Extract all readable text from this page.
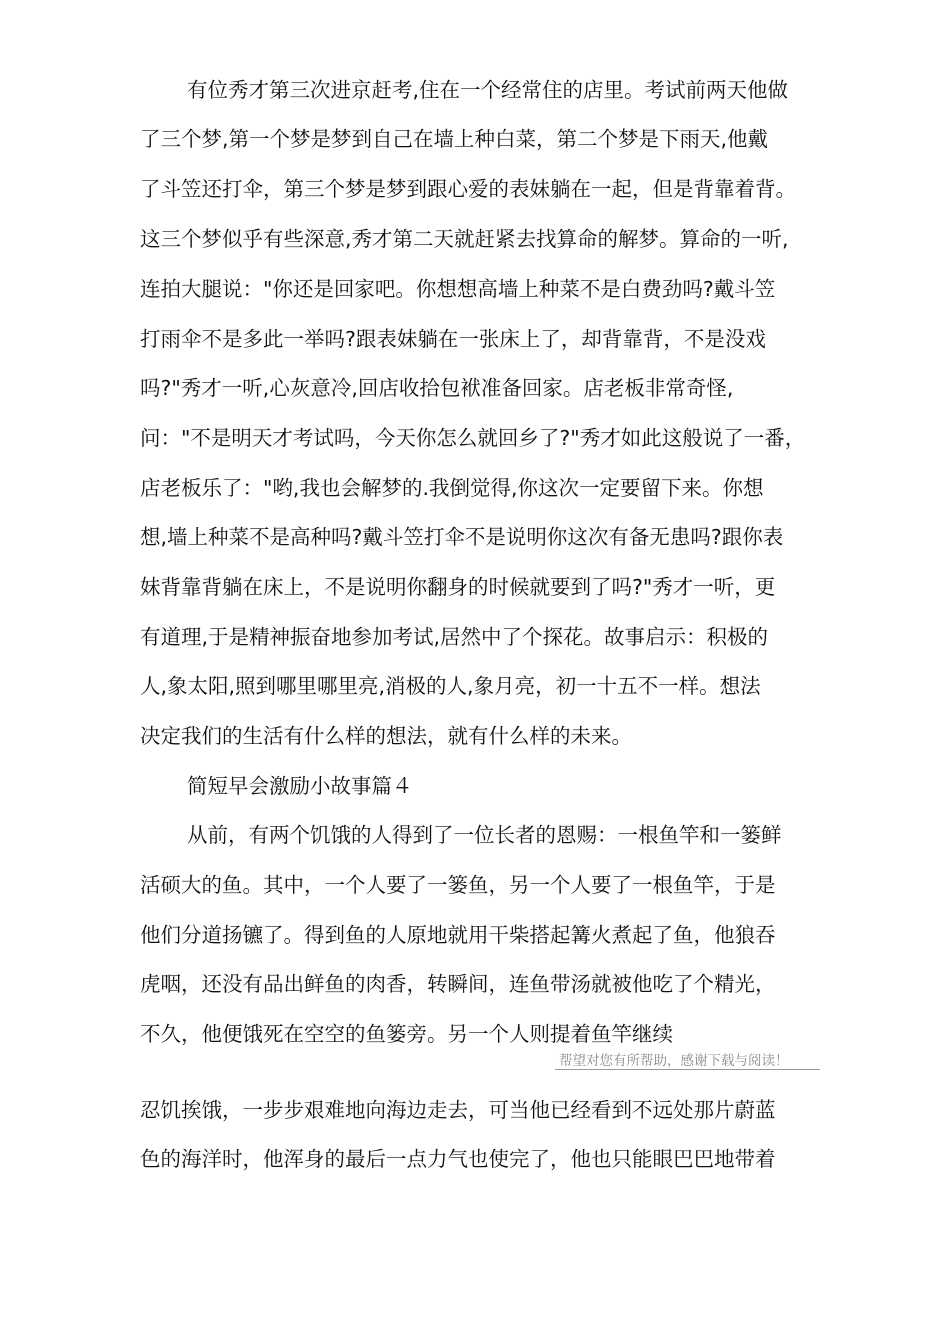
有位秀才第三次进京赶考,住在一个经常住的店里。考试前两天他做
了三个梦,第一个梦是梦到自己在墙上种白菜，第二个梦是下雨天,他戴
了斗笠还打伞，第三个梦是梦到跟心爱的表妹躺在一起，但是背靠着背。
这三个梦似乎有些深意,秀才第二天就赶紧去找算命的解梦。算命的一听,
连拍大腿说："你还是回家吧。你想想高墙上种菜不是白费劲吗?戴斗笠
打雨伞不是多此一举吗?跟表妹躺在一张床上了，却背靠背，不是没戏
吗?"秀才一听,心灰意冷,回店收拾包袱准备回家。店老板非常奇怪,
问："不是明天才考试吗，今天你怎么就回乡了?"秀才如此这般说了一番，
店老板乐了："哟,我也会解梦的.我倒觉得,你这次一定要留下来。你想
想,墙上种菜不是高种吗?戴斗笠打伞不是说明你这次有备无患吗?跟你表
妹背靠背躺在床上，不是说明你翻身的时候就要到了吗?"秀才一听，更
有道理,于是精神振奋地参加考试,居然中了个探花。故事启示：积极的
人,象太阳,照到哪里哪里亮,消极的人,象月亮，初一十五不一样。想法
决定我们的生活有什么样的想法，就有什么样的未来。
简短早会激励小故事篇４
从前，有两个饥饿的人得到了一位长者的恩赐：一根鱼竿和一篓鲜
活硕大的鱼。其中，一个人要了一篓鱼，另一个人要了一根鱼竿，于是
他们分道扬镳了。得到鱼的人原地就用干柴搭起篝火煮起了鱼，他狼吞
虎咽，还没有品出鲜鱼的肉香，转瞬间，连鱼带汤就被他吃了个精光，
不久，他便饿死在空空的鱼篓旁。另一个人则提着鱼竿继续
帮望对您有所帮助，感谢下载与阅读！
忍饥挨饿，一步步艰难地向海边走去，可当他已经看到不远处那片蔚蓝
色的海洋时，他浑身的最后一点力气也使完了，他也只能眼巴巴地带着
